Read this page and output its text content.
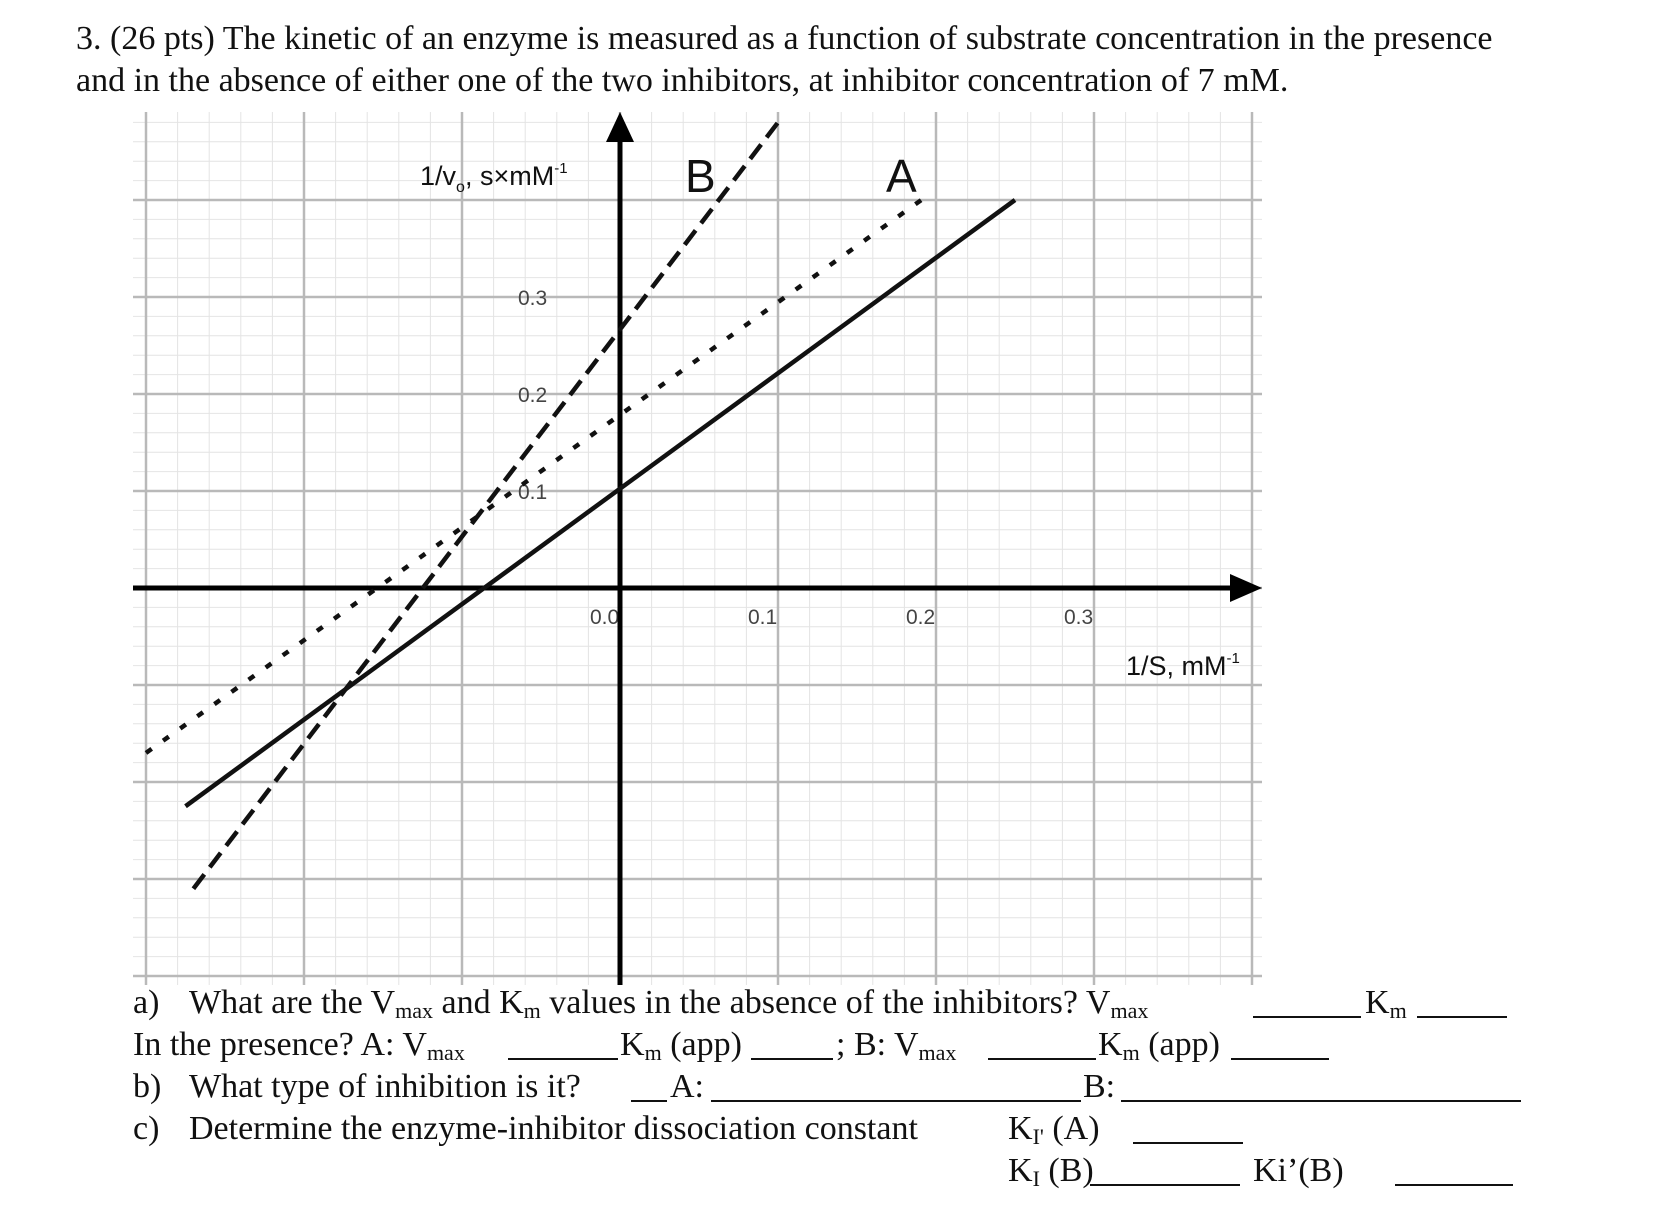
3. (26 pts) The kinetic of an enzyme is measured as a function of substrate concentration in the presence
and in the absence of either one of the two inhibitors, at inhibitor concentration of 7 mM.
0.0	0.1	0.2	0.3
0.1
0.2
0.3
$1/v_o$, $s\times mM^{-1}$
1/S, $mM^{-1}$
B	A
a) What are the $V_{max}$ and $K_m$ values in the absence of the inhibitors? $V_{max}$	$K_m$
In the presence? A: $V_{max}$	$K_m$ (app)	; B: $V_{max}$	$K_m$ (app)
b) What type of inhibition is it?	A:	B:
c) Determine the enzyme-inhibitor dissociation constant	$K_{I'}$ (A)
$K_I$ (B)	Ki’(B)
